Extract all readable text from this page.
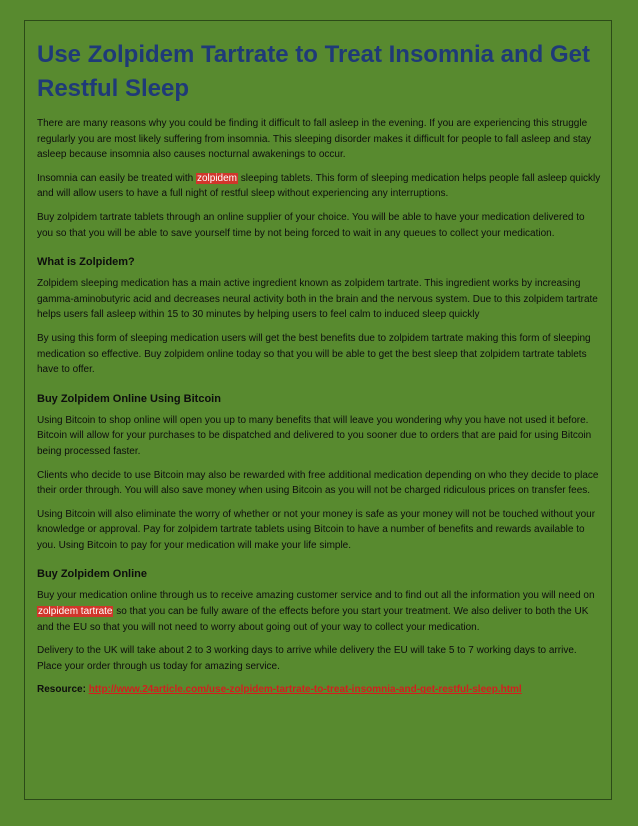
Use Zolpidem Tartrate to Treat Insomnia and Get Restful Sleep

There are many reasons why you could be finding it difficult to fall asleep in the evening. If you are experiencing this struggle regularly you are most likely suffering from insomnia. This sleeping disorder makes it difficult for people to fall asleep and stay asleep because insomnia also causes nocturnal awakenings to occur.

Insomnia can easily be treated with zolpidem sleeping tablets. This form of sleeping medication helps people fall asleep quickly and will allow users to have a full night of restful sleep without experiencing any interruptions.

Buy zolpidem tartrate tablets through an online supplier of your choice. You will be able to have your medication delivered to you so that you will be able to save yourself time by not being forced to wait in any queues to collect your medication.

What is Zolpidem?

Zolpidem sleeping medication has a main active ingredient known as zolpidem tartrate. This ingredient works by increasing gamma-aminobutyric acid and decreases neural activity both in the brain and the nervous system. Due to this zolpidem tartrate helps users fall asleep within 15 to 30 minutes by helping users to feel calm to induced sleep quickly

By using this form of sleeping medication users will get the best benefits due to zolpidem tartrate making this form of sleeping medication so effective. Buy zolpidem online today so that you will be able to get the best sleep that zolpidem tartrate tablets have to offer.

Buy Zolpidem Online Using Bitcoin

Using Bitcoin to shop online will open you up to many benefits that will leave you wondering why you have not used it before. Bitcoin will allow for your purchases to be dispatched and delivered to you sooner due to orders that are paid for using Bitcoin being processed faster.

Clients who decide to use Bitcoin may also be rewarded with free additional medication depending on who they decide to place their order through. You will also save money when using Bitcoin as you will not be charged ridiculous prices on transfer fees.

Using Bitcoin will also eliminate the worry of whether or not your money is safe as your money will not be touched without your knowledge or approval. Pay for zolpidem tartrate tablets using Bitcoin to have a number of benefits and rewards available to you. Using Bitcoin to pay for your medication will make your life simple.

Buy Zolpidem Online

Buy your medication online through us to receive amazing customer service and to find out all the information you will need on zolpidem tartrate so that you can be fully aware of the effects before you start your treatment. We also deliver to both the UK and the EU so that you will not need to worry about going out of your way to collect your medication.

Delivery to the UK will take about 2 to 3 working days to arrive while delivery the EU will take 5 to 7 working days to arrive. Place your order through us today for amazing service.

Resource: http://www.24article.com/use-zolpidem-tartrate-to-treat-insomnia-and-get-restful-sleep.html
